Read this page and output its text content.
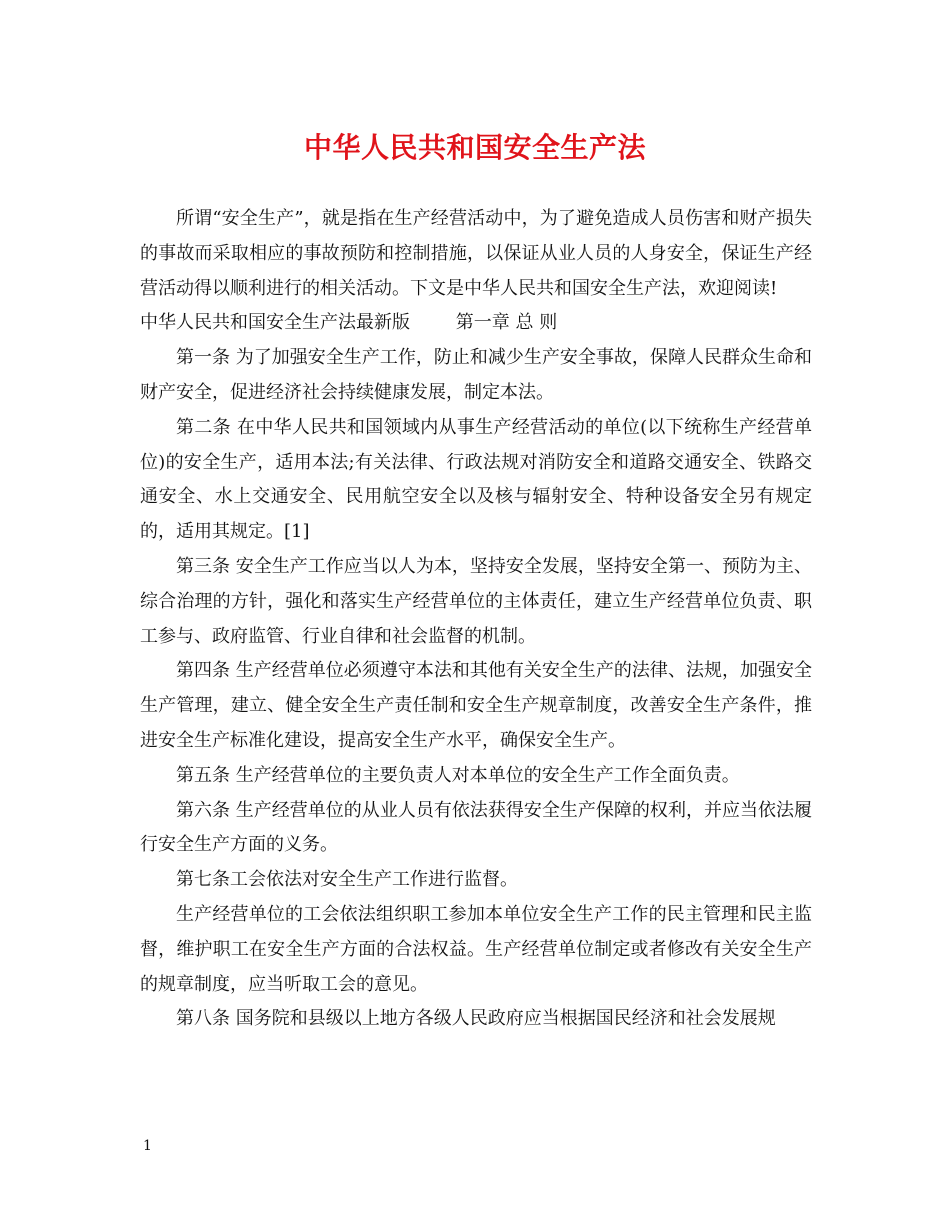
中华人民共和国安全生产法

所谓“安全生产”，就是指在生产经营活动中，为了避免造成人员伤害和财产损失的事故而采取相应的事故预防和控制措施，以保证从业人员的人身安全，保证生产经营活动得以顺利进行的相关活动。下文是中华人民共和国安全生产法，欢迎阅读!

中华人民共和国安全生产法最新版	第一章 总 则

第一条 为了加强安全生产工作，防止和减少生产安全事故，保障人民群众生命和财产安全，促进经济社会持续健康发展，制定本法。

第二条 在中华人民共和国领域内从事生产经营活动的单位(以下统称生产经营单位)的安全生产，适用本法;有关法律、行政法规对消防安全和道路交通安全、铁路交通安全、水上交通安全、民用航空安全以及核与辐射安全、特种设备安全另有规定的，适用其规定。[1]

第三条 安全生产工作应当以人为本，坚持安全发展，坚持安全第一、预防为主、综合治理的方针，强化和落实生产经营单位的主体责任，建立生产经营单位负责、职工参与、政府监管、行业自律和社会监督的机制。

第四条 生产经营单位必须遵守本法和其他有关安全生产的法律、法规，加强安全生产管理，建立、健全安全生产责任制和安全生产规章制度，改善安全生产条件，推进安全生产标准化建设，提高安全生产水平，确保安全生产。

第五条 生产经营单位的主要负责人对本单位的安全生产工作全面负责。

第六条 生产经营单位的从业人员有依法获得安全生产保障的权利，并应当依法履行安全生产方面的义务。

第七条工会依法对安全生产工作进行监督。

生产经营单位的工会依法组织职工参加本单位安全生产工作的民主管理和民主监督，维护职工在安全生产方面的合法权益。生产经营单位制定或者修改有关安全生产的规章制度，应当听取工会的意见。

第八条 国务院和县级以上地方各级人民政府应当根据国民经济和社会发展规

1
